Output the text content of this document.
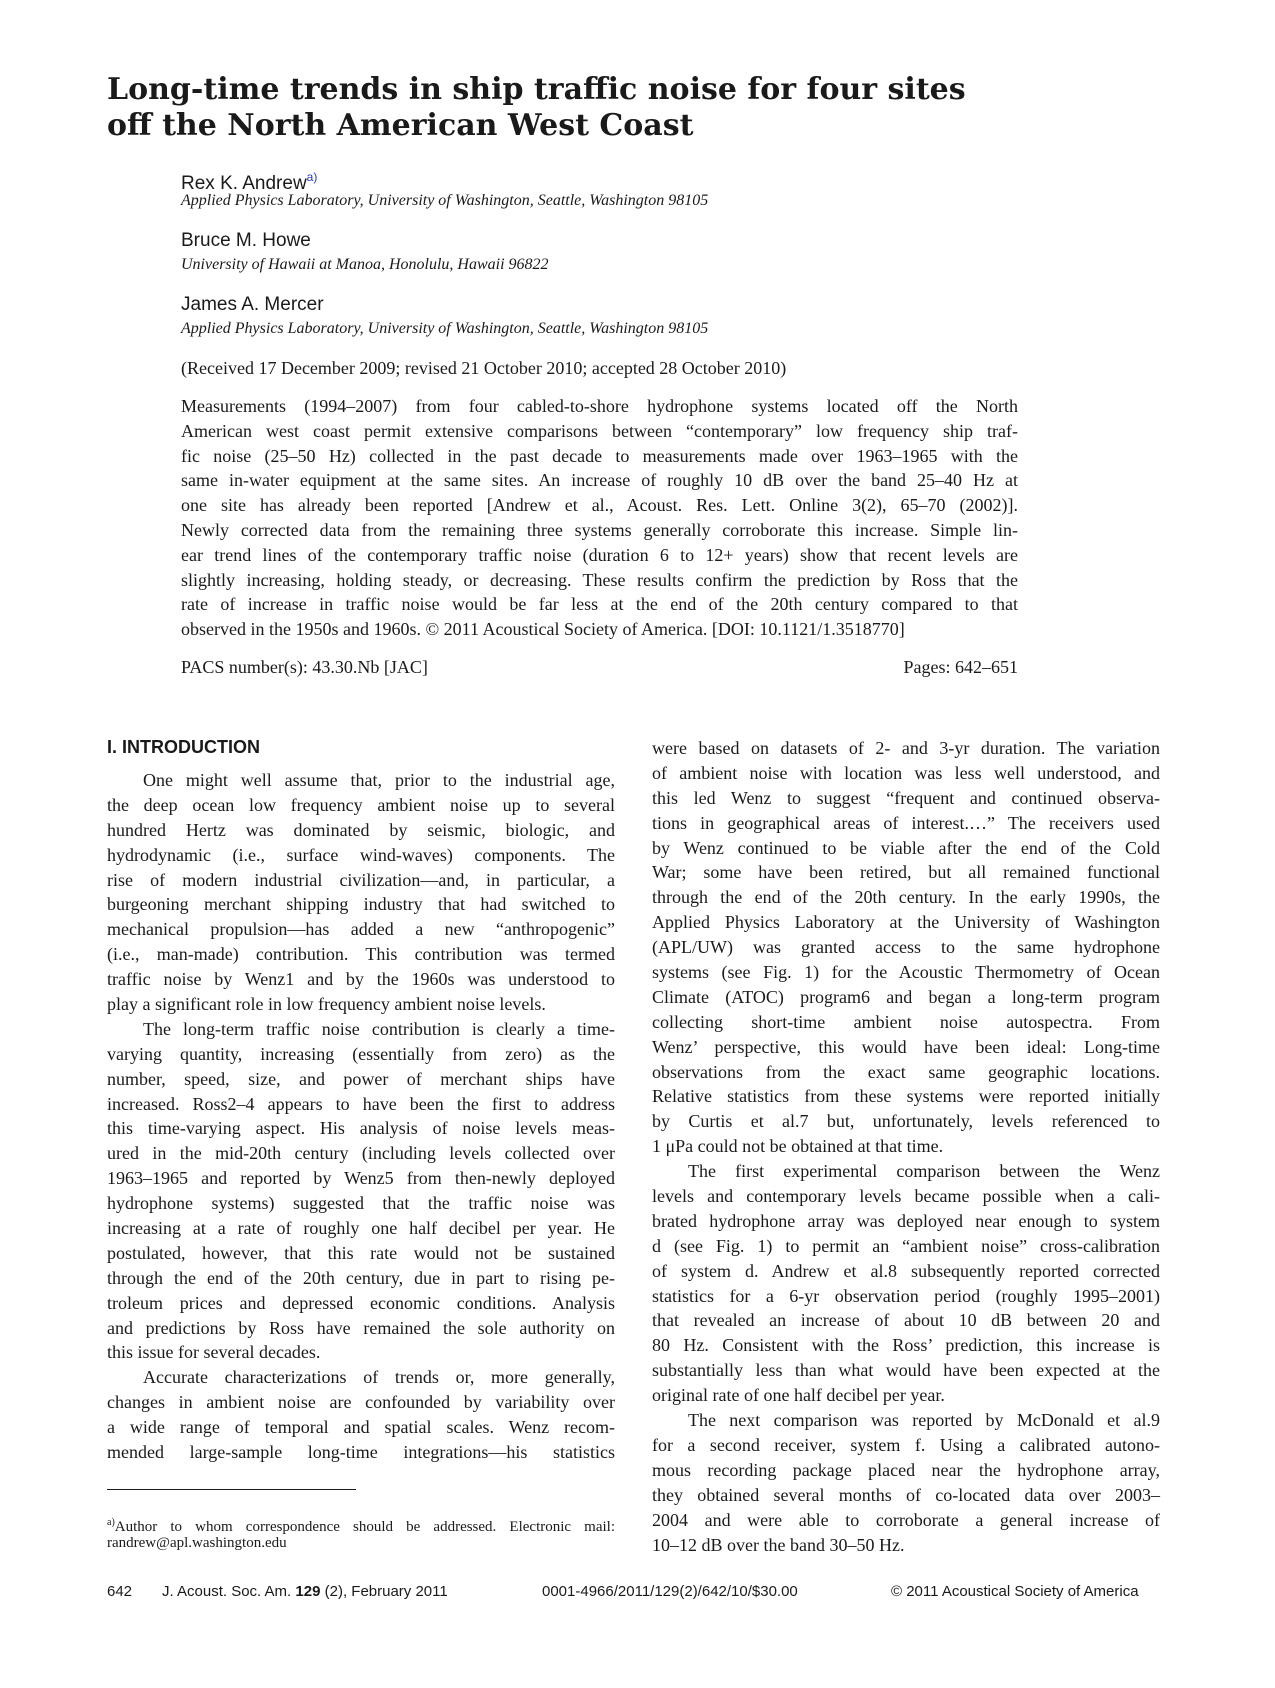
Long-time trends in ship traffic noise for four sites
off the North American West Coast
Rex K. Andrew$^{a)}$
Applied Physics Laboratory, University of Washington, Seattle, Washington 98105
Bruce M. Howe
University of Hawaii at Manoa, Honolulu, Hawaii 96822
James A. Mercer
Applied Physics Laboratory, University of Washington, Seattle, Washington 98105
(Received 17 December 2009; revised 21 October 2010; accepted 28 October 2010)
Measurements (1994–2007) from four cabled-to-shore hydrophone systems located off the North
American west coast permit extensive comparisons between “contemporary” low frequency ship traf-
fic noise (25–50 Hz) collected in the past decade to measurements made over 1963–1965 with the
same in-water equipment at the same sites. An increase of roughly 10 dB over the band 25–40 Hz at
one site has already been reported [Andrew et al., Acoust. Res. Lett. Online 3(2), 65–70 (2002)].
Newly corrected data from the remaining three systems generally corroborate this increase. Simple lin-
ear trend lines of the contemporary traffic noise (duration 6 to 12+ years) show that recent levels are
slightly increasing, holding steady, or decreasing. These results confirm the prediction by Ross that the
rate of increase in traffic noise would be far less at the end of the 20th century compared to that
observed in the 1950s and 1960s. © 2011 Acoustical Society of America. [DOI: 10.1121/1.3518770]
PACS number(s): 43.30.Nb [JAC]	Pages: 642–651
I. INTRODUCTION
One might well assume that, prior to the industrial age,
the deep ocean low frequency ambient noise up to several
hundred Hertz was dominated by seismic, biologic, and
hydrodynamic (i.e., surface wind-waves) components. The
rise of modern industrial civilization—and, in particular, a
burgeoning merchant shipping industry that had switched to
mechanical propulsion—has added a new “anthropogenic”
(i.e., man-made) contribution. This contribution was termed
traffic noise by Wenz1 and by the 1960s was understood to
play a significant role in low frequency ambient noise levels.
The long-term traffic noise contribution is clearly a time-
varying quantity, increasing (essentially from zero) as the
number, speed, size, and power of merchant ships have
increased. Ross2–4 appears to have been the first to address
this time-varying aspect. His analysis of noise levels meas-
ured in the mid-20th century (including levels collected over
1963–1965 and reported by Wenz5 from then-newly deployed
hydrophone systems) suggested that the traffic noise was
increasing at a rate of roughly one half decibel per year. He
postulated, however, that this rate would not be sustained
through the end of the 20th century, due in part to rising pe-
troleum prices and depressed economic conditions. Analysis
and predictions by Ross have remained the sole authority on
this issue for several decades.
Accurate characterizations of trends or, more generally,
changes in ambient noise are confounded by variability over
a wide range of temporal and spatial scales. Wenz recom-
mended large-sample long-time integrations—his statistics
were based on datasets of 2- and 3-yr duration. The variation
of ambient noise with location was less well understood, and
this led Wenz to suggest “frequent and continued observa-
tions in geographical areas of interest.…” The receivers used
by Wenz continued to be viable after the end of the Cold
War; some have been retired, but all remained functional
through the end of the 20th century. In the early 1990s, the
Applied Physics Laboratory at the University of Washington
(APL/UW) was granted access to the same hydrophone
systems (see Fig. 1) for the Acoustic Thermometry of Ocean
Climate (ATOC) program6 and began a long-term program
collecting short-time ambient noise autospectra. From
Wenz’ perspective, this would have been ideal: Long-time
observations from the exact same geographic locations.
Relative statistics from these systems were reported initially
by Curtis et al.7 but, unfortunately, levels referenced to
1 μPa could not be obtained at that time.
The first experimental comparison between the Wenz
levels and contemporary levels became possible when a cali-
brated hydrophone array was deployed near enough to system
d (see Fig. 1) to permit an “ambient noise” cross-calibration
of system d. Andrew et al.8 subsequently reported corrected
statistics for a 6-yr observation period (roughly 1995–2001)
that revealed an increase of about 10 dB between 20 and
80 Hz. Consistent with the Ross’ prediction, this increase is
substantially less than what would have been expected at the
original rate of one half decibel per year.
The next comparison was reported by McDonald et al.9
for a second receiver, system f. Using a calibrated autono-
mous recording package placed near the hydrophone array,
they obtained several months of co-located data over 2003–
2004 and were able to corroborate a general increase of
10–12 dB over the band 30–50 Hz.
$^{a)}$Author to whom correspondence should be addressed. Electronic mail:
randrew@apl.washington.edu
642 J. Acoust. Soc. Am. 129 (2), February 2011	0001-4966/2011/129(2)/642/10/$30.00	© 2011 Acoustical Society of America
